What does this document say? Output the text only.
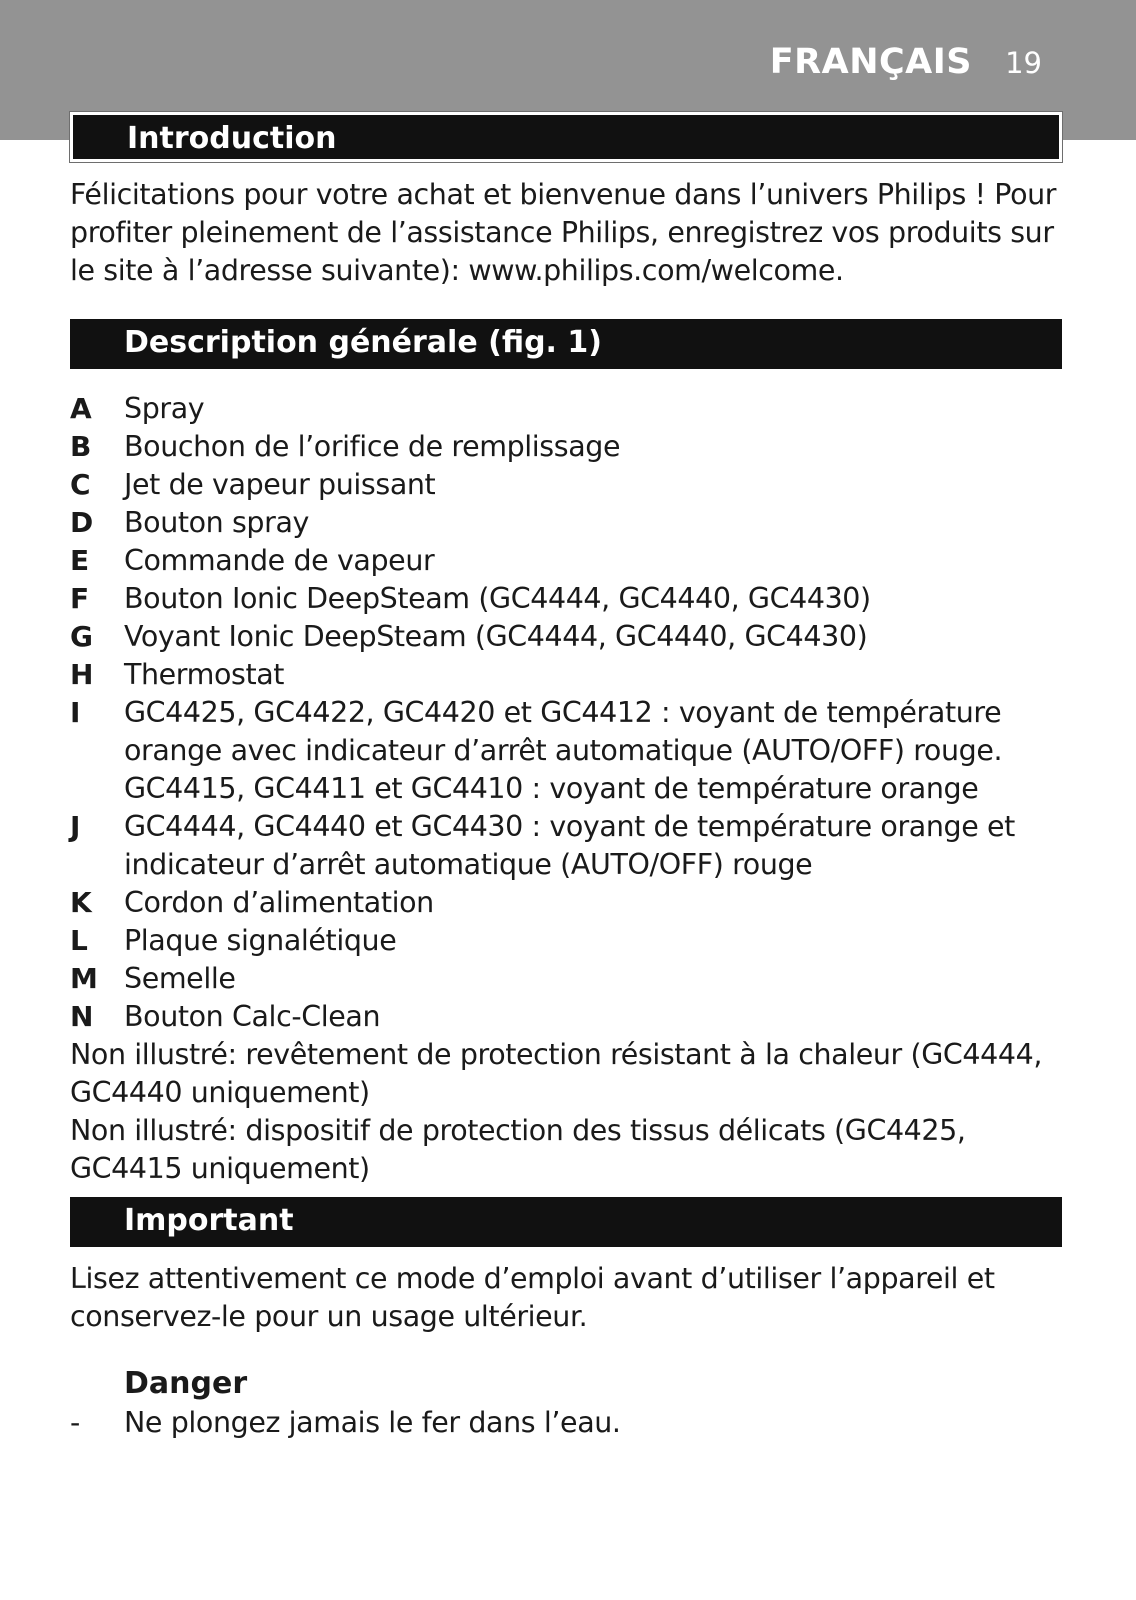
FRANÇAIS 19
Introduction
Félicitations pour votre achat et bienvenue dans l’univers Philips ! Pour profiter pleinement de l’assistance Philips, enregistrez vos produits sur le site à l’adresse suivante): www.philips.com/welcome.
Description générale (fig. 1)
A Spray
B Bouchon de l’orifice de remplissage
C Jet de vapeur puissant
D Bouton spray
E Commande de vapeur
F Bouton Ionic DeepSteam (GC4444, GC4440, GC4430)
G Voyant Ionic DeepSteam (GC4444, GC4440, GC4430)
H Thermostat
I GC4425, GC4422, GC4420 et GC4412 : voyant de température orange avec indicateur d’arrêt automatique (AUTO/OFF) rouge. GC4415, GC4411 et GC4410 : voyant de température orange
J GC4444, GC4440 et GC4430 : voyant de température orange et indicateur d’arrêt automatique (AUTO/OFF) rouge
K Cordon d’alimentation
L Plaque signalétique
M Semelle
N Bouton Calc-Clean
Non illustré: revêtement de protection résistant à la chaleur (GC4444, GC4440 uniquement)
Non illustré: dispositif de protection des tissus délicats (GC4425, GC4415 uniquement)
Important
Lisez attentivement ce mode d’emploi avant d’utiliser l’appareil et conservez-le pour un usage ultérieur.
Danger
- Ne plongez jamais le fer dans l’eau.
